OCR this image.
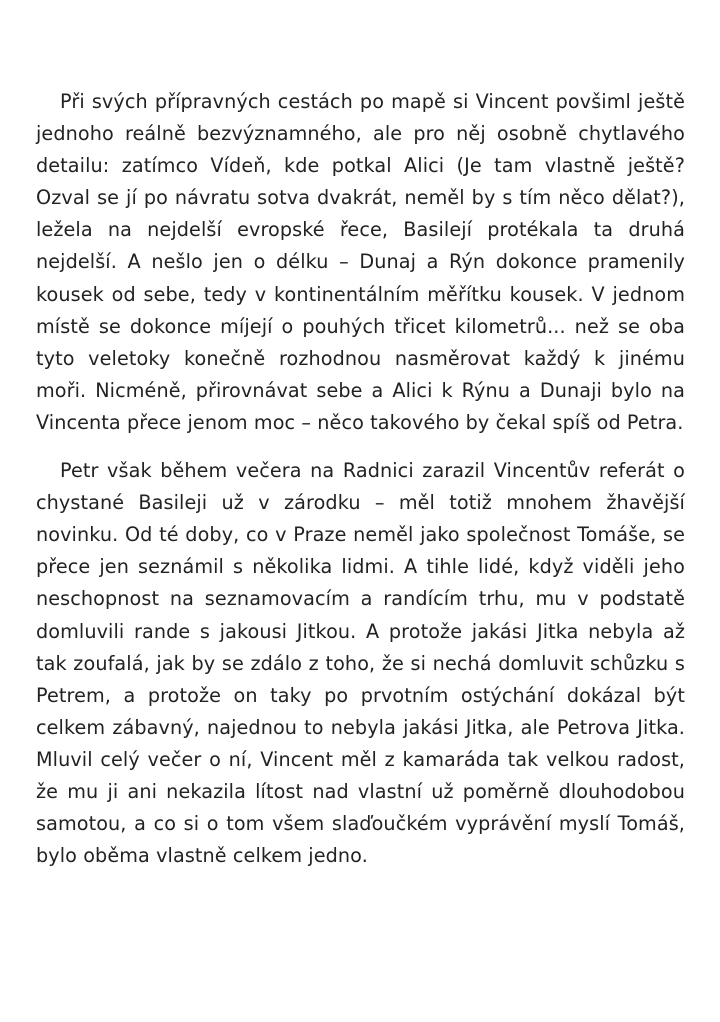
Při svých přípravných cestách po mapě si Vincent povšiml ještě jednoho reálně bezvýznamného, ale pro něj osobně chytlavého detailu: zatímco Vídeň, kde potkal Alici (Je tam vlastně ještě? Ozval se jí po návratu sotva dvakrát, neměl by s tím něco dělat?), ležela na nejdelší evropské řece, Basilejí protékala ta druhá nejdelší. A nešlo jen o délku – Dunaj a Rýn dokonce pramenily kousek od sebe, tedy v kontinentálním měřítku kousek. V jednom místě se dokonce míjejí o pouhých třicet kilometrů... než se oba tyto veletoky konečně rozhodnou nasměrovat každý k jinému moři. Nicméně, přirovnávat sebe a Alici k Rýnu a Dunaji bylo na Vincenta přece jenom moc – něco takového by čekal spíš od Petra.

Petr však během večera na Radnici zarazil Vincentův referát o chystané Basileji už v zárodku – měl totiž mnohem žhavější novinku. Od té doby, co v Praze neměl jako společnost Tomáše, se přece jen seznámil s několika lidmi. A tihle lidé, když viděli jeho neschopnost na seznamovacím a randícím trhu, mu v podstatě domluvili rande s jakousi Jitkou. A protože jakási Jitka nebyla až tak zoufalá, jak by se zdálo z toho, že si nechá domluvit schůzku s Petrem, a protože on taky po prvotním ostýchání dokázal být celkem zábavný, najednou to nebyla jakási Jitka, ale Petrova Jitka. Mluvil celý večer o ní, Vincent měl z kamaráda tak velkou radost, že mu ji ani nekazila lítost nad vlastní už poměrně dlouhodobou samotou, a co si o tom všem slaďoučkém vyprávění myslí Tomáš, bylo oběma vlastně celkem jedno.
